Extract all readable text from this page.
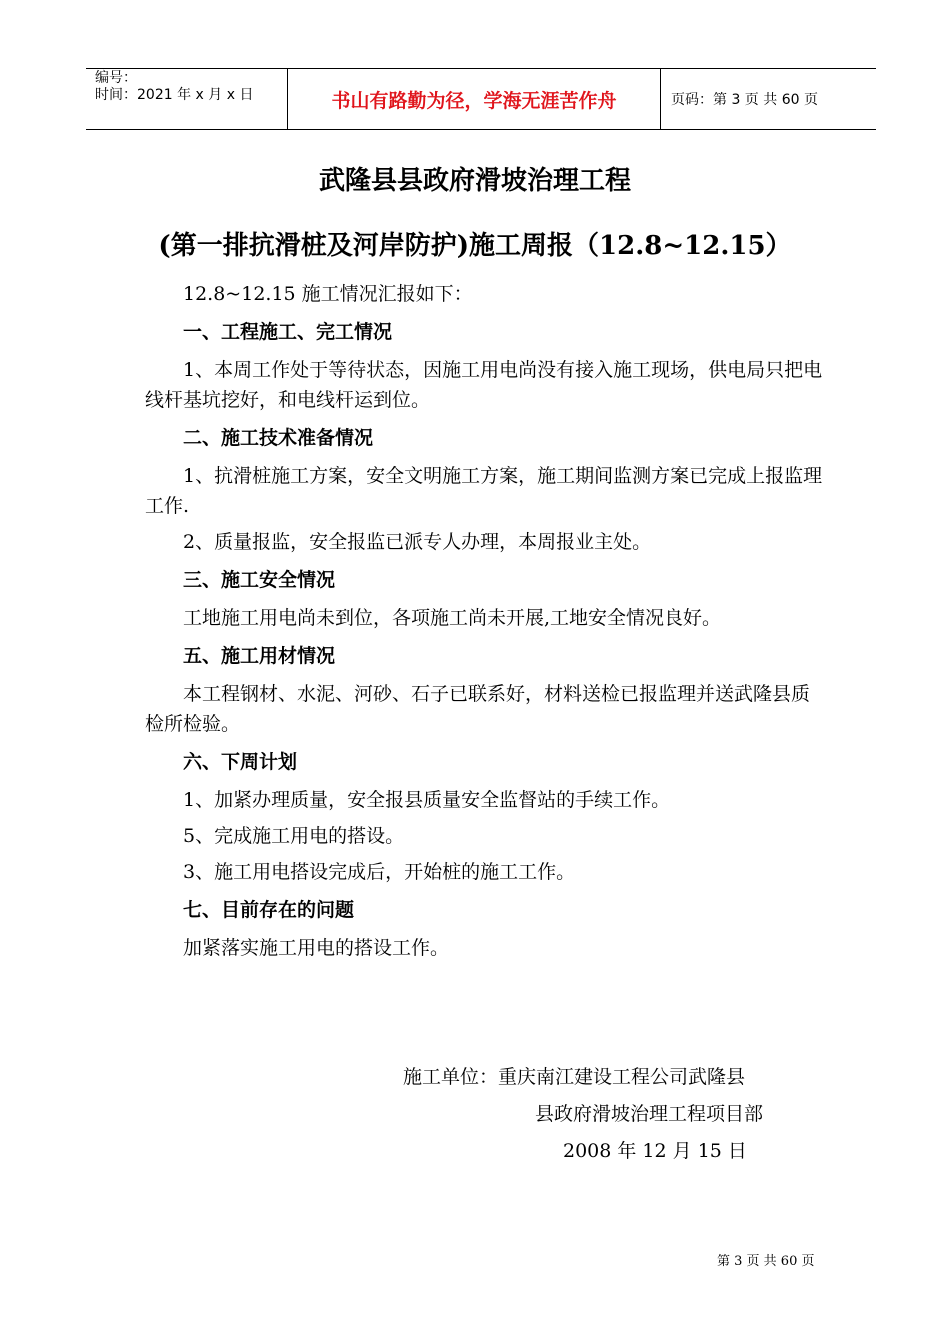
编号：
时间：2021 年 x 月 x 日	书山有路勤为径，学海无涯苦作舟	页码：第 3 页 共 60 页
武隆县县政府滑坡治理工程
(第一排抗滑桩及河岸防护)施工周报（12.8~12.15）

12.8~12.15 施工情况汇报如下：

一、工程施工、完工情况

1、本周工作处于等待状态，因施工用电尚没有接入施工现场，供电局只把电线杆基坑挖好，和电线杆运到位。

二、施工技术准备情况

1、抗滑桩施工方案，安全文明施工方案，施工期间监测方案已完成上报监理工作.

2、质量报监，安全报监已派专人办理，本周报业主处。

三、施工安全情况

工地施工用电尚未到位，各项施工尚未开展,工地安全情况良好。

五、施工用材情况

本工程钢材、水泥、河砂、石子已联系好，材料送检已报监理并送武隆县质检所检验。

六、下周计划

1、加紧办理质量，安全报县质量安全监督站的手续工作。

5、完成施工用电的搭设。

3、施工用电搭设完成后，开始桩的施工工作。

七、目前存在的问题

加紧落实施工用电的搭设工作。

施工单位：重庆南江建设工程公司武隆县
县政府滑坡治理工程项目部
2008 年 12 月 15 日
第 3 页 共 60 页
